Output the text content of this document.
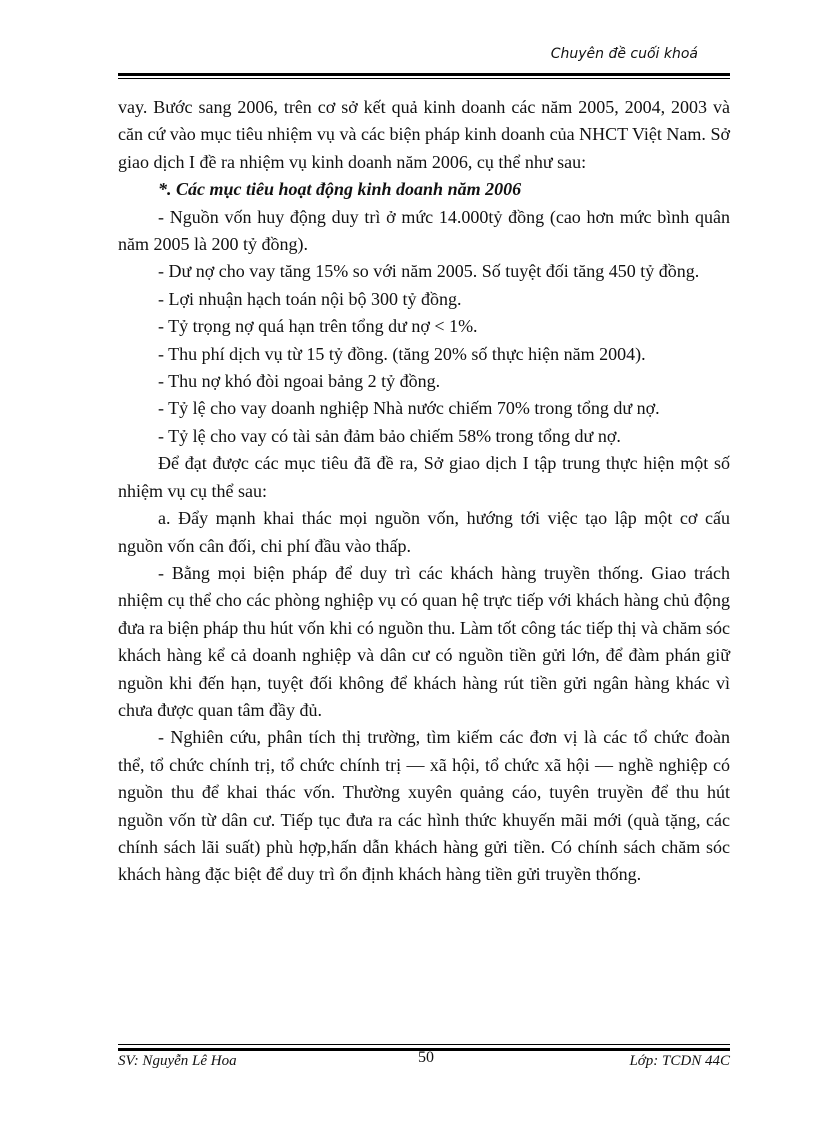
Chuyên đề cuối khoá

vay. Bước sang 2006, trên cơ sở kết quả kinh doanh các năm 2005, 2004, 2003 và căn cứ vào mục tiêu nhiệm vụ và các biện pháp kinh doanh của NHCT Việt Nam. Sở giao dịch I đề ra nhiệm vụ kinh doanh năm 2006, cụ thể như sau:

*. Các mục tiêu hoạt động kinh doanh năm 2006

- Nguồn vốn huy động duy trì ở mức 14.000tỷ đồng (cao hơn mức bình quân năm 2005 là 200 tỷ đồng).

- Dư nợ cho vay tăng 15% so với năm 2005. Số tuyệt đối tăng 450 tỷ đồng.

- Lợi nhuận hạch toán nội bộ 300 tỷ đồng.

- Tỷ trọng nợ quá hạn trên tổng dư nợ < 1%.

- Thu phí dịch vụ từ 15 tỷ đồng. (tăng 20% số thực hiện năm 2004).

- Thu nợ khó đòi ngoai bảng 2 tỷ đồng.

- Tỷ lệ cho vay doanh nghiệp Nhà nước chiếm 70% trong tổng dư nợ.

- Tỷ lệ cho vay có tài sản đảm bảo chiếm 58% trong tổng dư nợ.

Để đạt được các mục tiêu đã đề ra, Sở giao dịch I tập trung thực hiện một số nhiệm vụ cụ thể sau:

a. Đẩy mạnh khai thác mọi nguồn vốn, hướng tới việc tạo lập một cơ cấu nguồn vốn cân đối, chi phí đầu vào thấp.

- Bằng mọi biện pháp để duy trì các khách hàng truyền thống. Giao trách nhiệm cụ thể cho các phòng nghiệp vụ có quan hệ trực tiếp với khách hàng chủ động đưa ra biện pháp thu hút vốn khi có nguồn thu. Làm tốt công tác tiếp thị và chăm sóc khách hàng kể cả doanh nghiệp và dân cư có nguồn tiền gửi lớn, để đàm phán giữ nguồn khi đến hạn, tuyệt đối không để khách hàng rút tiền gửi ngân hàng khác vì chưa được quan tâm đầy đủ.

- Nghiên cứu, phân tích thị trường, tìm kiếm các đơn vị là các tổ chức đoàn thể, tổ chức chính trị, tổ chức chính trị — xã hội, tổ chức xã hội — nghề nghiệp có nguồn thu để khai thác vốn. Thường xuyên quảng cáo, tuyên truyền để thu hút nguồn vốn từ dân cư. Tiếp tục đưa ra các hình thức khuyến mãi mới (quà tặng, các chính sách lãi suất) phù hợp,hấn dẫn khách hàng gửi tiền. Có chính sách chăm sóc khách hàng đặc biệt để duy trì ổn định khách hàng tiền gửi truyền thống.

SV: Nguyễn Lê Hoa	50	Lớp: TCDN 44C
